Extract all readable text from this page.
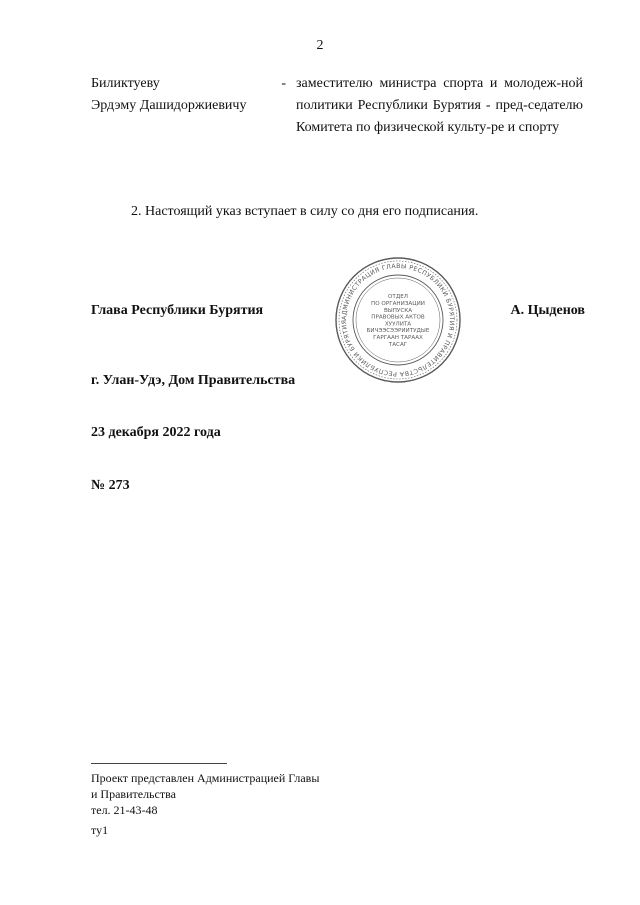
2
Биликтуеву
Эрдэму Дашидоржиевичу
- заместителю министра спорта и молодеж-ной политики Республики Бурятия - пред-седателю Комитета по физической культу-ре и спорту
2. Настоящий указ вступает в силу со дня его подписания.
АДМИНИСТРАЦИЯ ГЛАВЫ РЕСПУБЛИКИ БУРЯТИЯ И ПРАВИТЕЛЬСТВА РЕСПУБЛИКИ БУРЯТИЯ
ОТДЕЛ
ПО ОРГАНИЗАЦИИ
ВЫПУСКА
ПРАВОВЫХ АКТОВ
ХУУЛИТА
БИЧЭЭСЭЭРИИТУДЫЕ
ГАРГААН ТАРААХ
ТАСАГ
Глава Республики Бурятия	А. Цыденов
г. Улан-Удэ, Дом Правительства
23 декабря 2022 года
№ 273
Проект представлен Администрацией Главы
и Правительства
тел. 21-43-48
ту1
